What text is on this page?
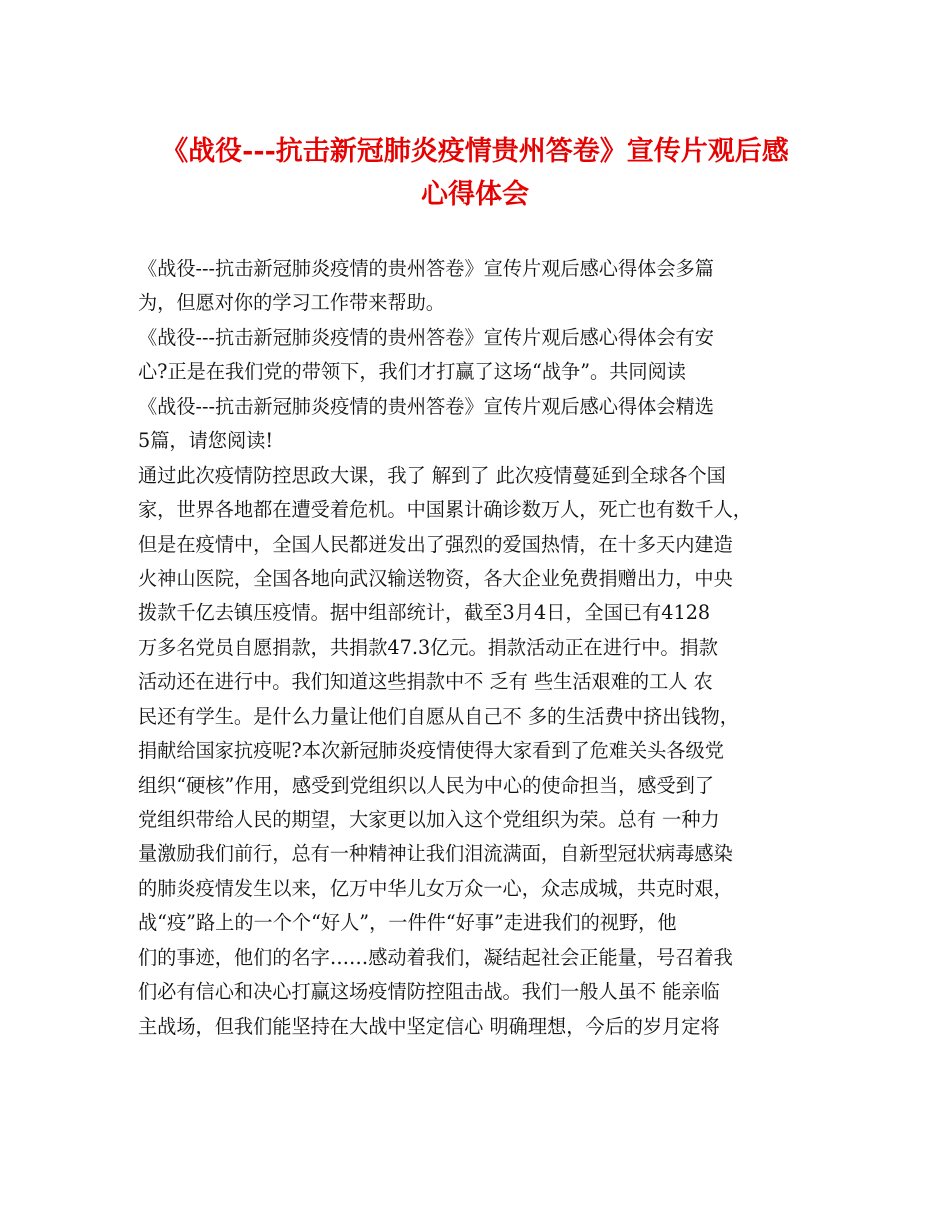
《战役---抗击新冠肺炎疫情贵州答卷》宣传片观后感
心得体会
《战役---抗击新冠肺炎疫情的贵州答卷》宣传片观后感心得体会多篇
为，但愿对你的学习工作带来帮助。
《战役---抗击新冠肺炎疫情的贵州答卷》宣传片观后感心得体会有安
心?正是在我们党的带领下，我们才打赢了这场“战争”。共同阅读
《战役---抗击新冠肺炎疫情的贵州答卷》宣传片观后感心得体会精选
5篇，请您阅读!
通过此次疫情防控思政大课，我了 解到了 此次疫情蔓延到全球各个国
家，世界各地都在遭受着危机。中国累计确诊数万人，死亡也有数千人，
但是在疫情中，全国人民都迸发出了强烈的爱国热情，在十多天内建造
火神山医院，全国各地向武汉输送物资，各大企业免费捐赠出力，中央
拨款千亿去镇压疫情。据中组部统计，截至3月4日，全国已有4128
万多名党员自愿捐款，共捐款47.3亿元。捐款活动正在进行中。捐款
活动还在进行中。我们知道这些捐款中不 乏有 些生活艰难的工人 农
民还有学生。是什么力量让他们自愿从自己不 多的生活费中挤出钱物，
捐献给国家抗疫呢?本次新冠肺炎疫情使得大家看到了危难关头各级党
组织“硬核”作用，感受到党组织以人民为中心的使命担当，感受到了
党组织带给人民的期望，大家更以加入这个党组织为荣。总有 一种力
量激励我们前行，总有一种精神让我们泪流满面，自新型冠状病毒感染
的肺炎疫情发生以来，亿万中华儿女万众一心，众志成城，共克时艰，
战“疫”路上的一个个“好人”，一件件“好事”走进我们的视野，他
们的事迹，他们的名字……感动着我们，凝结起社会正能量，号召着我
们必有信心和决心打赢这场疫情防控阻击战。我们一般人虽不 能亲临
主战场，但我们能坚持在大战中坚定信心 明确理想，今后的岁月定将
